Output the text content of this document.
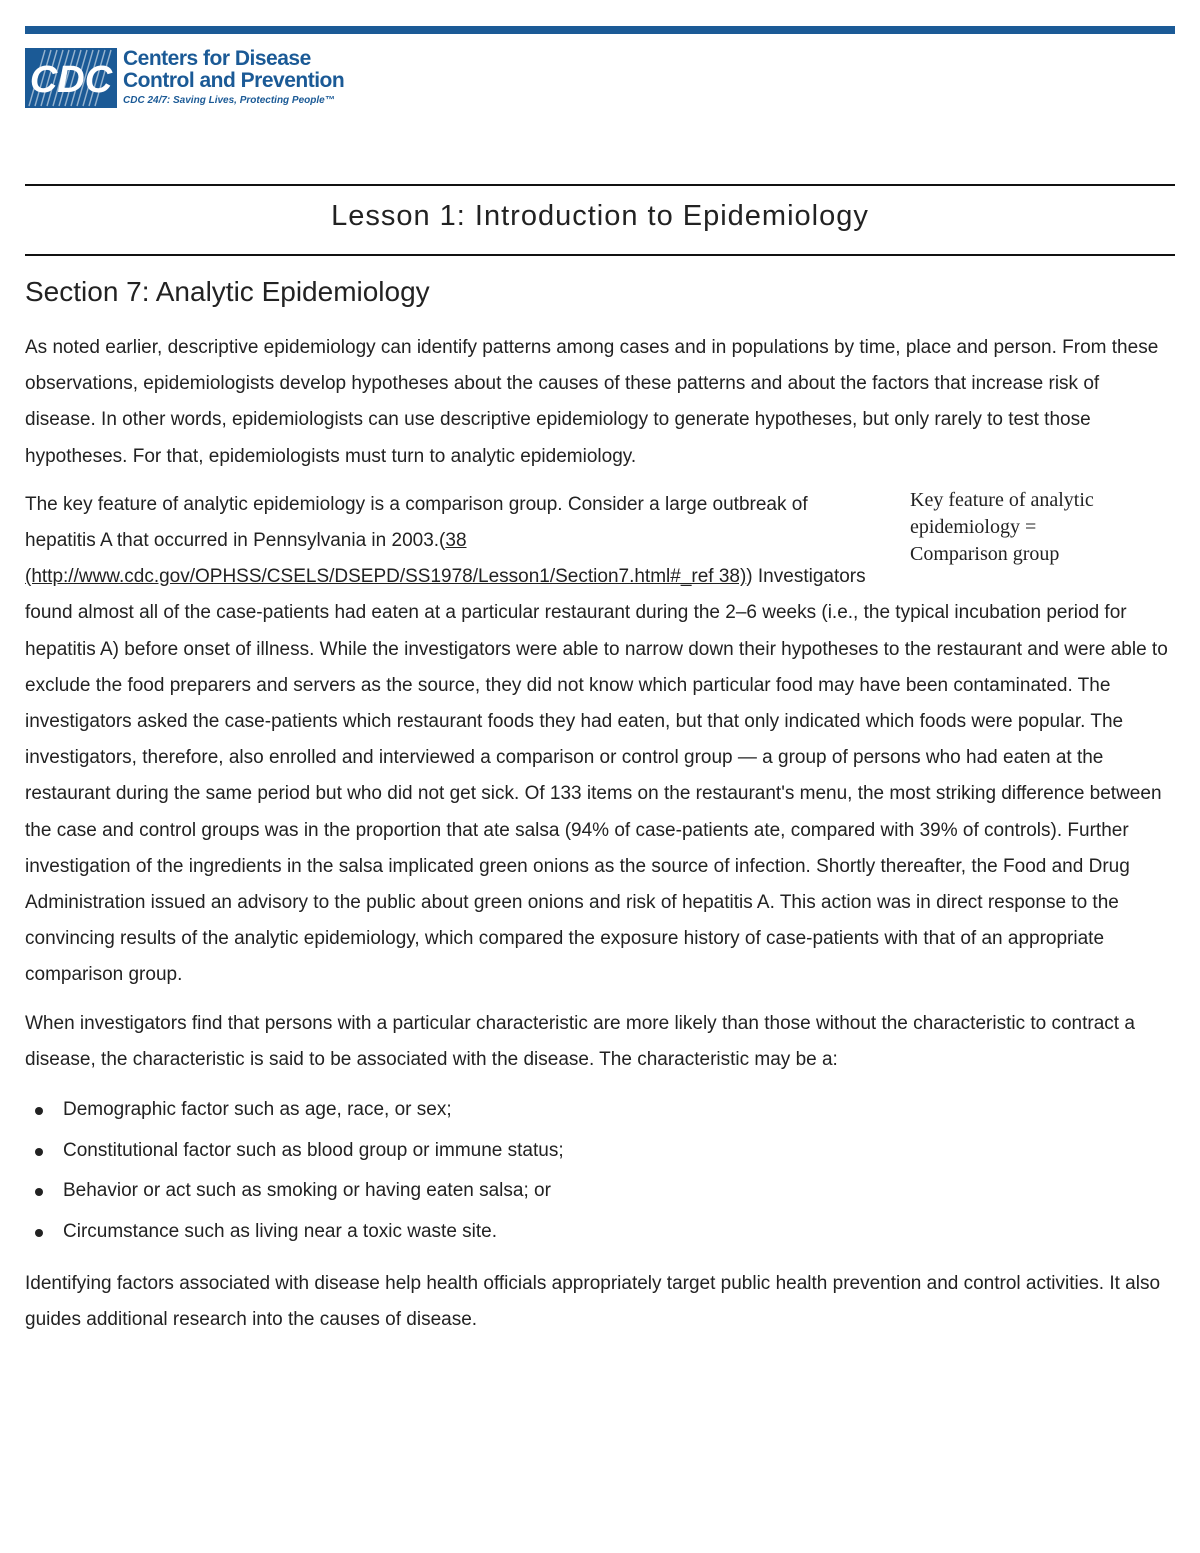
CDC
Centers for Disease
Control and Prevention
CDC 24/7: Saving Lives, Protecting People™
Lesson 1: Introduction to Epidemiology
Section 7: Analytic Epidemiology

As noted earlier, descriptive epidemiology can identify patterns among cases and in populations by time, place and person. From these observations, epidemiologists develop hypotheses about the causes of these patterns and about the factors that increase risk of disease. In other words, epidemiologists can use descriptive epidemiology to generate hypotheses, but only rarely to test those hypotheses. For that, epidemiologists must turn to analytic epidemiology.

Key feature of analytic
epidemiology =
Comparison group

The key feature of analytic epidemiology is a comparison group. Consider a large outbreak of hepatitis A that occurred in Pennsylvania in 2003.(38 (http://www.cdc.gov/OPHSS/CSELS/DSEPD/SS1978/Lesson1/Section7.html#_ref 38)) Investigators found almost all of the case-patients had eaten at a particular restaurant during the 2–6 weeks (i.e., the typical incubation period for hepatitis A) before onset of illness. While the investigators were able to narrow down their hypotheses to the restaurant and were able to exclude the food preparers and servers as the source, they did not know which particular food may have been contaminated. The investigators asked the case-patients which restaurant foods they had eaten, but that only indicated which foods were popular. The investigators, therefore, also enrolled and interviewed a comparison or control group — a group of persons who had eaten at the restaurant during the same period but who did not get sick. Of 133 items on the restaurant's menu, the most striking difference between the case and control groups was in the proportion that ate salsa (94% of case-patients ate, compared with 39% of controls). Further investigation of the ingredients in the salsa implicated green onions as the source of infection. Shortly thereafter, the Food and Drug Administration issued an advisory to the public about green onions and risk of hepatitis A. This action was in direct response to the convincing results of the analytic epidemiology, which compared the exposure history of case-patients with that of an appropriate comparison group.

When investigators find that persons with a particular characteristic are more likely than those without the characteristic to contract a disease, the characteristic is said to be associated with the disease. The characteristic may be a:

Demographic factor such as age, race, or sex;
Constitutional factor such as blood group or immune status;
Behavior or act such as smoking or having eaten salsa; or
Circumstance such as living near a toxic waste site.

Identifying factors associated with disease help health officials appropriately target public health prevention and control activities. It also guides additional research into the causes of disease.
